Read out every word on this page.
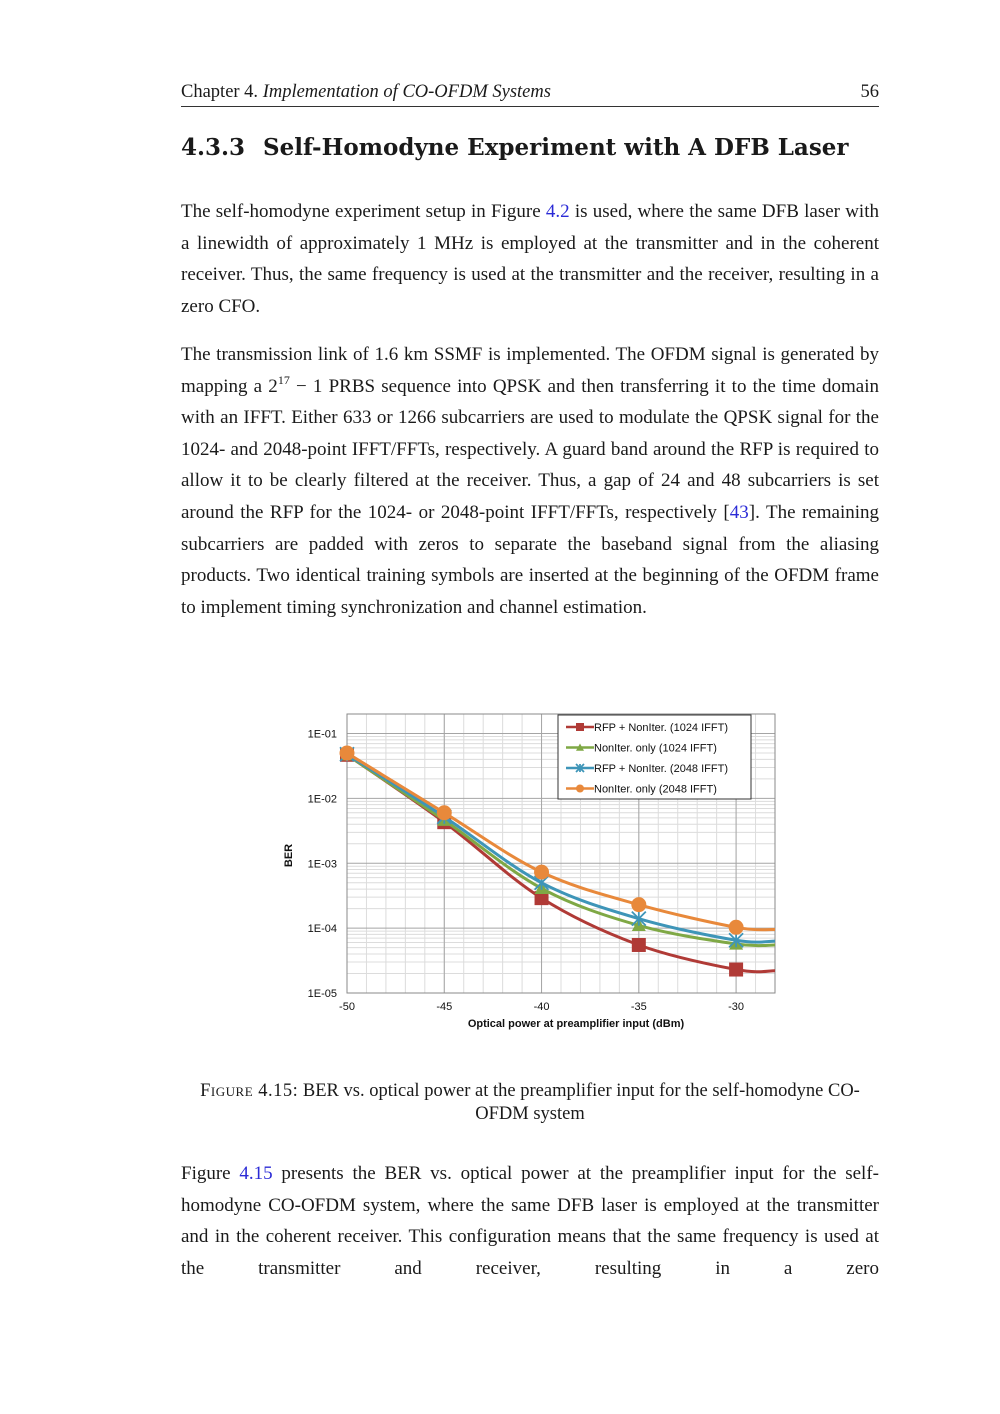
Chapter 4. Implementation of CO-OFDM Systems	56
4.3.3 Self-Homodyne Experiment with A DFB Laser

The self-homodyne experiment setup in Figure 4.2 is used, where the same DFB laser with a linewidth of approximately 1 MHz is employed at the transmitter and in the coherent receiver. Thus, the same frequency is used at the transmitter and the receiver, resulting in a zero CFO.

The transmission link of 1.6 km SSMF is implemented. The OFDM signal is generated by mapping a $2^{17} - 1$ PRBS sequence into QPSK and then transferring it to the time domain with an IFFT. Either 633 or 1266 subcarriers are used to modulate the QPSK signal for the 1024- and 2048-point IFFT/FFTs, respectively. A guard band around the RFP is required to allow it to be clearly filtered at the receiver. Thus, a gap of 24 and 48 subcarriers is set around the RFP for the 1024- or 2048-point IFFT/FFTs, respectively [43]. The remaining subcarriers are padded with zeros to separate the baseband signal from the aliasing products. Two identical training symbols are inserted at the beginning of the OFDM frame to implement timing synchronization and channel estimation.

-50	-45	-40	-35	-30
1E-01
1E-02
1E-03
1E-04
1E-05
Optical power at preamplifier input (dBm)
BER
RFP + NonIter. (1024 IFFT)
NonIter. only (1024 IFFT)
RFP + NonIter. (2048 IFFT)
NonIter. only (2048 IFFT)
Figure 4.15: BER vs. optical power at the preamplifier input for the self-homodyne CO-OFDM system

Figure 4.15 presents the BER vs. optical power at the preamplifier input for the self-homodyne CO-OFDM system, where the same DFB laser is employed at the transmitter and in the coherent receiver. This configuration means that the same frequency is used at the transmitter and receiver, resulting in a zero
